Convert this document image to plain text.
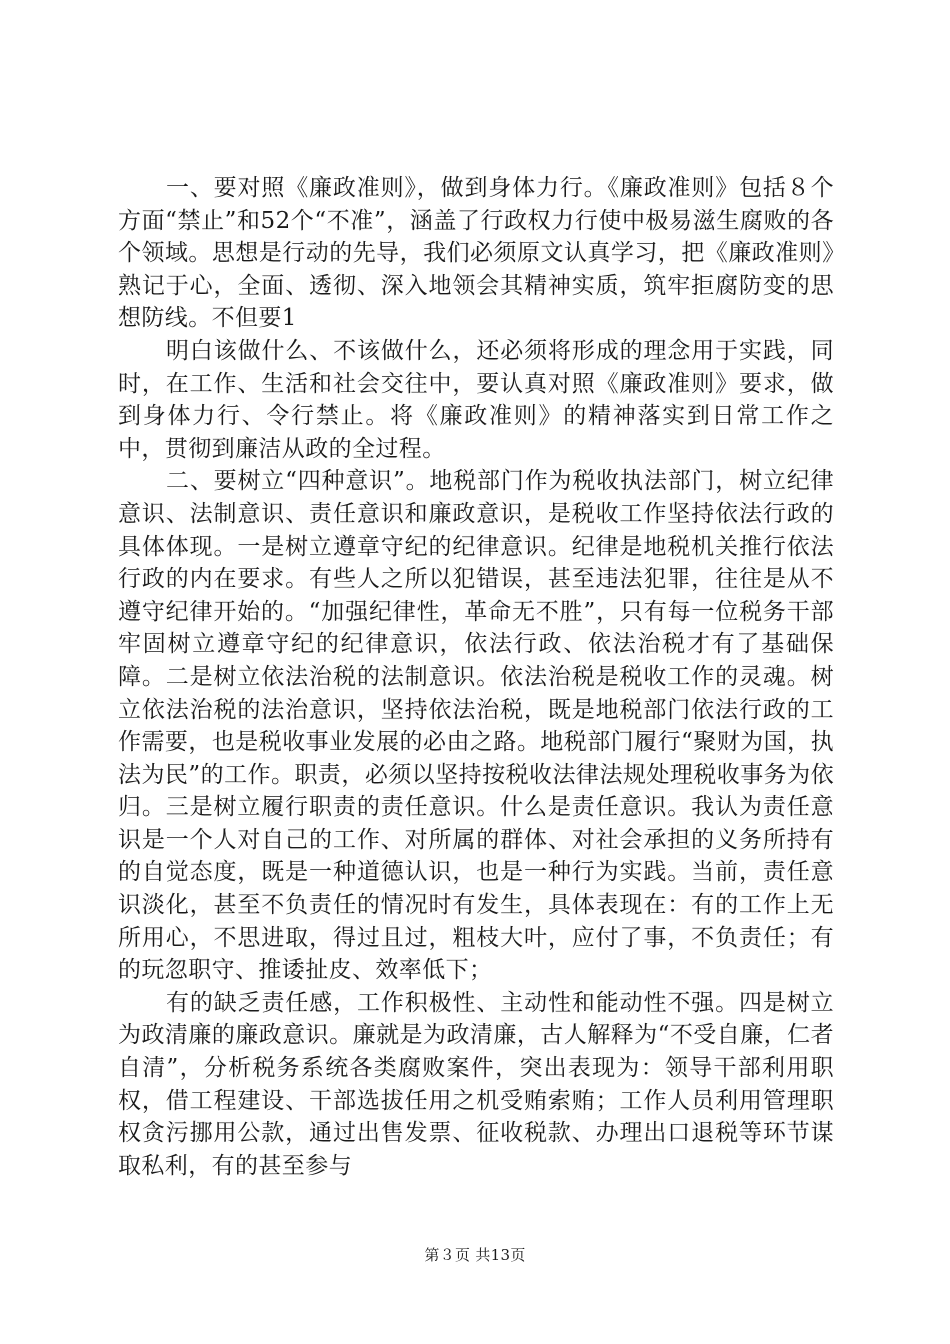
一、要对照《廉政准则》，做到身体力行。《廉政准则》包括８个方面“禁止”和52个“不准”，涵盖了行政权力行使中极易滋生腐败的各个领域。思想是行动的先导，我们必须原文认真学习，把《廉政准则》熟记于心，全面、透彻、深入地领会其精神实质，筑牢拒腐防变的思想防线。不但要1

明白该做什么、不该做什么，还必须将形成的理念用于实践，同时，在工作、生活和社会交往中，要认真对照《廉政准则》要求，做到身体力行、令行禁止。将《廉政准则》的精神落实到日常工作之中，贯彻到廉洁从政的全过程。

二、要树立“四种意识”。地税部门作为税收执法部门，树立纪律意识、法制意识、责任意识和廉政意识，是税收工作坚持依法行政的具体体现。一是树立遵章守纪的纪律意识。纪律是地税机关推行依法行政的内在要求。有些人之所以犯错误，甚至违法犯罪，往往是从不遵守纪律开始的。“加强纪律性，革命无不胜”，只有每一位税务干部牢固树立遵章守纪的纪律意识，依法行政、依法治税才有了基础保障。二是树立依法治税的法制意识。依法治税是税收工作的灵魂。树立依法治税的法治意识，坚持依法治税，既是地税部门依法行政的工作需要，也是税收事业发展的必由之路。地税部门履行“聚财为国，执法为民”的工作。职责，必须以坚持按税收法律法规处理税收事务为依归。三是树立履行职责的责任意识。什么是责任意识。我认为责任意识是一个人对自己的工作、对所属的群体、对社会承担的义务所持有的自觉态度，既是一种道德认识，也是一种行为实践。当前，责任意识淡化，甚至不负责任的情况时有发生，具体表现在：有的工作上无所用心，不思进取，得过且过，粗枝大叶，应付了事，不负责任；有的玩忽职守、推诿扯皮、效率低下；

有的缺乏责任感，工作积极性、主动性和能动性不强。四是树立为政清廉的廉政意识。廉就是为政清廉，古人解释为“不受自廉，仁者自清”，分析税务系统各类腐败案件，突出表现为：领导干部利用职权，借工程建设、干部选拔任用之机受贿索贿；工作人员利用管理职权贪污挪用公款，通过出售发票、征收税款、办理出口退税等环节谋取私利，有的甚至参与

第３页 共13页
